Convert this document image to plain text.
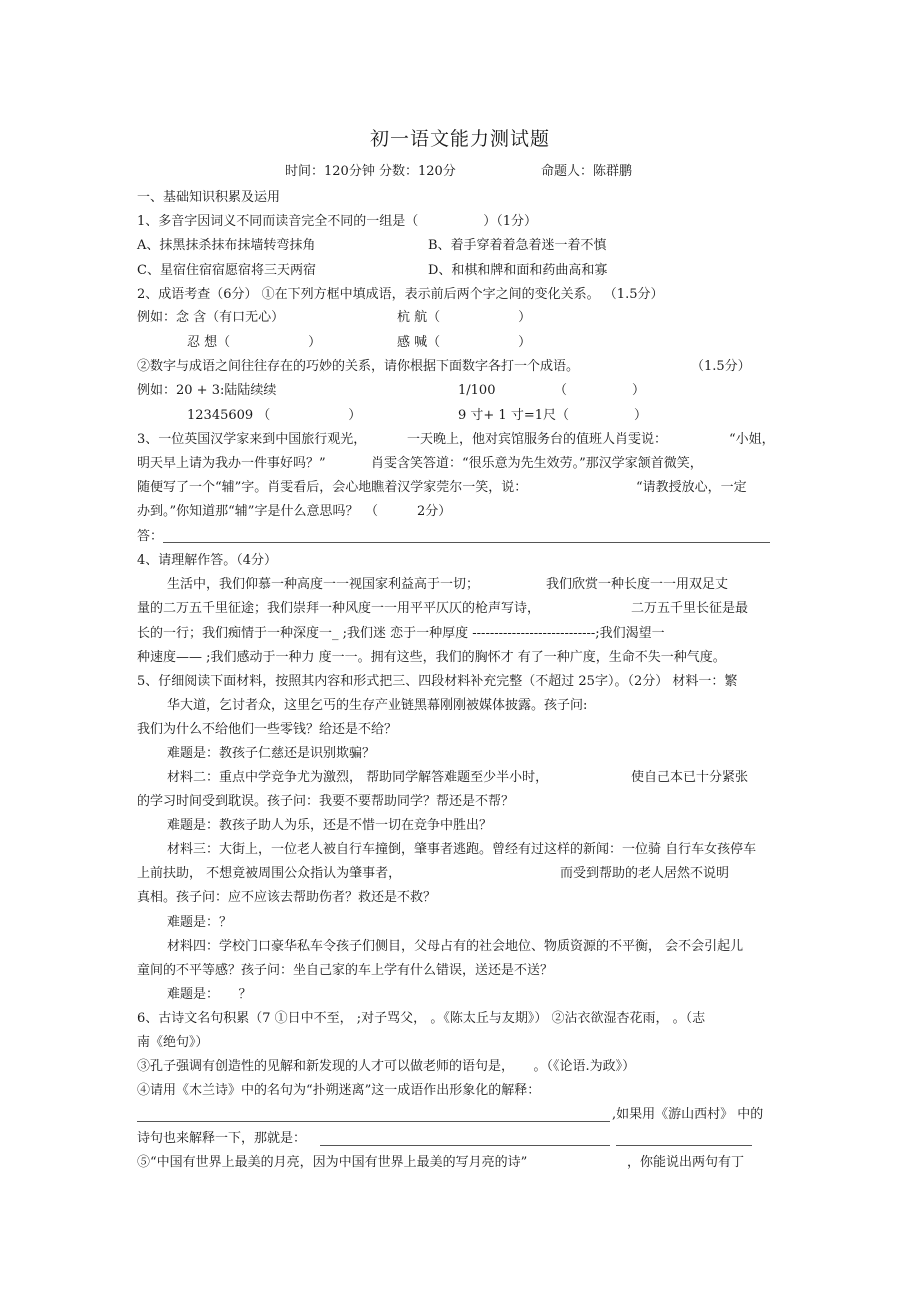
初一语文能力测试题
时间：120分钟 分数：120分	命题人：陈群鹏
一、基础知识积累及运用
1、多音字因词义不同而读音完全不同的一组是（　　　　　）（1分）
A、抹黑抹杀抹布抹墙转弯抹角	B、着手穿着着急着迷一着不慎
C、星宿住宿宿愿宿将三天两宿	D、和棋和牌和面和药曲高和寡
2、成语考查（6分） ①在下列方框中填成语，表示前后两个字之间的变化关系。 （1.5分）
例如：念 含（有口无心）	杭 航（　　　　　　）
忍 想（　　　　　　）	感 喊（　　　　　　）
②数字与成语之间往往存在的巧妙的关系，请你根据下面数字各打一个成语。	（1.5分）
例如：20 + 3:陆陆续续	1/100　　　　　（　　　　　）
12345609 （　　　　　　）	9 寸+ 1 寸=1尺（　　　　　）
3、一位英国汉学家来到中国旅行观光，	一天晚上，他对宾馆服务台的值班人肖雯说：	“小姐，
明天早上请为我办一件事好吗？”	肖雯含笑答道：“很乐意为先生效劳。”那汉学家颔首微笑，
随便写了一个“辅”字。肖雯看后，会心地瞧着汉学家莞尔一笑，说：	“请教授放心，一定
办到。”你知道那“辅”字是什么意思吗？　（　　　2分）
答：
4、请理解作答。（4分）
生活中，我们仰慕一种高度一一视国家利益高于一切；	我们欣赏一种长度一一用双足丈
量的二万五千里征途；我们崇拜一种风度一一用平平仄仄的枪声写诗，	二万五千里长征是最
长的一行；我们痴情于一种深度一_ ;我们迷 恋于一种厚度 ----------------------------;我们渴望一
种速度—— ;我们感动于一种力 度一一。拥有这些，我们的胸怀才 有了一种广度，生命不失一种气度。
5、仔细阅读下面材料，按照其内容和形式把三、四段材料补充完整（不超过 25字）。（2分） 材料一：繁
华大道，乞讨者众，这里乞丐的生存产业链黑幕刚刚被媒体披露。孩子问:
我们为什么不给他们一些零钱？给还是不给？
难题是：教孩子仁慈还是识别欺骗？
材料二：重点中学竞争尤为激烈， 帮助同学解答难题至少半小时，	使自己本已十分紧张
的学习时间受到耽误。孩子问：我要不要帮助同学？帮还是不帮？
难题是：教孩子助人为乐，还是不惜一切在竞争中胜出？
材料三：大街上，一位老人被自行车撞倒，肇事者逃跑。曾经有过这样的新闻：一位骑 自行车女孩停车
上前扶助， 不想竟被周围公众指认为肇事者，	而受到帮助的老人居然不说明
真相。孩子问：应不应该去帮助伤者？救还是不救？
难题是：？
材料四：学校门口豪华私车令孩子们侧目，父母占有的社会地位、物质资源的不平衡， 会不会引起儿
童间的不平等感？孩子问：坐自己家的车上学有什么错误，送还是不送？
难题是：　　？
6、古诗文名句积累（7 ①日中不至， ;对子骂父， 。《陈太丘与友期》） ②沾衣欲湿杏花雨， 。（志
南《绝句》）
③孔子强调有创造性的见解和新发现的人才可以做老师的语句是，　　。（《论语.为政》）
④请用《木兰诗》中的名句为“扑朔迷离”这一成语作出形象化的解释：
,如果用《游山西村》 中的
诗句也来解释一下，那就是：
⑤“中国有世界上最美的月亮，因为中国有世界上最美的写月亮的诗”	，你能说出两句有丁
